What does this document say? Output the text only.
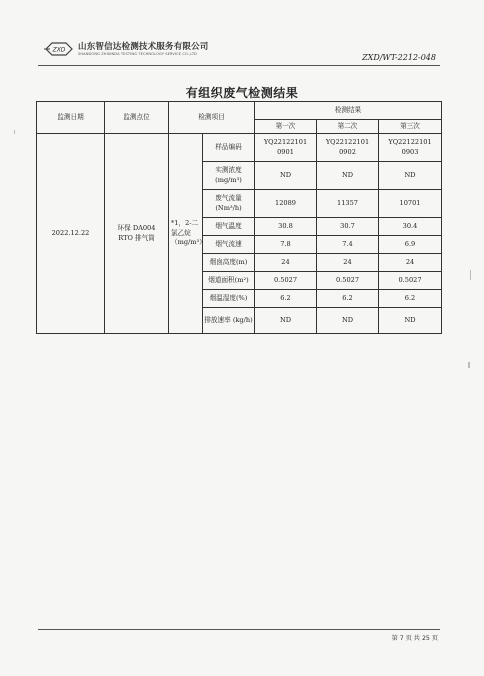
ZXD 山东智信达检测技术服务有限公司
SHANDONG ZHIXINDA TESTING TECHNOLOGY SERVICE CO.,LTD	ZXD/WT-2212-048
有组织废气检测结果
监测日期	监测点位	检测项目		检测结果		
				第一次	第二次	第三次
2022.12.22	环保 DA004 RTO 排气筒	*1，2-二氯乙烷（mg/m³）	样品编码	YQ22122101 0901	YQ22122101 0902	YQ22122101 0903
			实测浓度 (mg/m³)	ND	ND	ND
			废气流量 (Nm³/h)	12089	11357	10701
			烟气温度	30.8	30.7	30.4
			烟气流速	7.8	7.4	6.9
			烟囱高度(m)	24	24	24
			烟道面积(m²)	0.5027	0.5027	0.5027
			烟温湿度(%)	6.2	6.2	6.2
			排放速率 (kg/h)	ND	ND	ND
第 7 页 共 25 页
